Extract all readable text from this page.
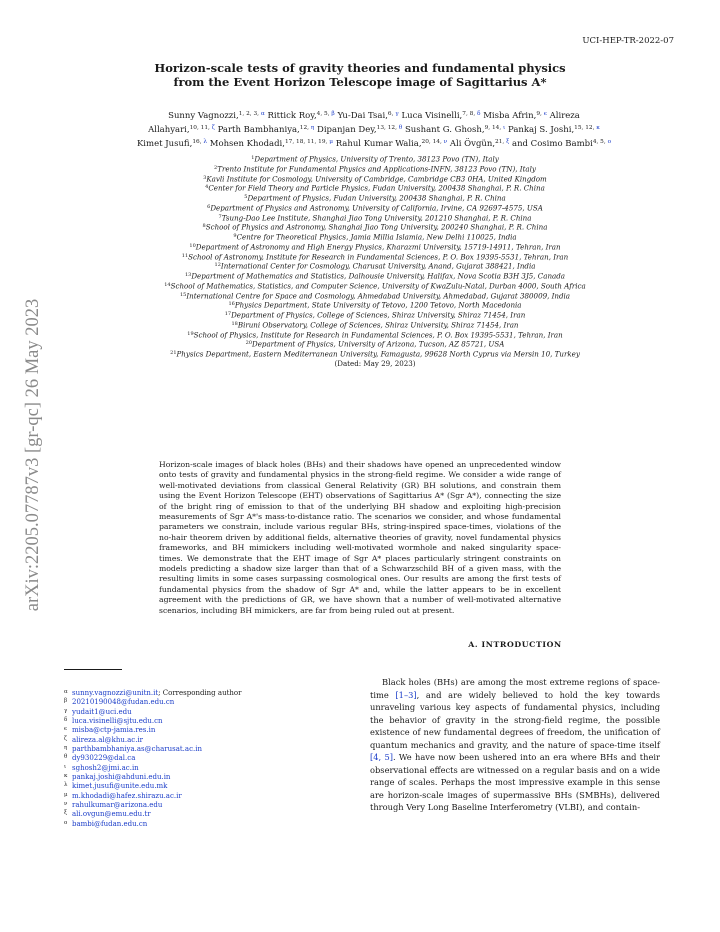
arXiv:2205.07787v3 [gr-qc] 26 May 2023
UCI-HEP-TR-2022-07
Horizon-scale tests of gravity theories and fundamental physics
from the Event Horizon Telescope image of Sagittarius A*
Sunny Vagnozzi,$^{1, 2, 3, \alpha}$ Rittick Roy,$^{4, 5, \beta}$ Yu-Dai Tsai,$^{6, \gamma}$ Luca Visinelli,$^{7, 8, \delta}$ Misba Afrin,$^{9, \epsilon}$ Alireza
Allahyari,$^{10, 11, \zeta}$ Parth Bambhaniya,$^{12, \eta}$ Dipanjan Dey,$^{13, 12, \theta}$ Sushant G. Ghosh,$^{9, 14, \iota}$ Pankaj S. Joshi,$^{15, 12, \kappa}$
Kimet Jusufi,$^{16, \lambda}$ Mohsen Khodadi,$^{17, 18, 11, 19, \mu}$ Rahul Kumar Walia,$^{20, 14, \nu}$ Ali Övgün,$^{21, \xi}$ and Cosimo Bambi$^{4, 5, o}$
$^1$Department of Physics, University of Trento, 38123 Povo (TN), Italy
$^2$Trento Institute for Fundamental Physics and Applications-INFN, 38123 Povo (TN), Italy
$^3$Kavli Institute for Cosmology, University of Cambridge, Cambridge CB3 0HA, United Kingdom
$^4$Center for Field Theory and Particle Physics, Fudan University, 200438 Shanghai, P. R. China
$^5$Department of Physics, Fudan University, 200438 Shanghai, P. R. China
$^6$Department of Physics and Astronomy, University of California, Irvine, CA 92697-4575, USA
$^7$Tsung-Dao Lee Institute, Shanghai Jiao Tong University, 201210 Shanghai, P. R. China
$^8$School of Physics and Astronomy, Shanghai Jiao Tong University, 200240 Shanghai, P. R. China
$^9$Centre for Theoretical Physics, Jamia Millia Islamia, New Delhi 110025, India
$^{10}$Department of Astronomy and High Energy Physics, Kharazmi University, 15719-14911, Tehran, Iran
$^{11}$School of Astronomy, Institute for Research in Fundamental Sciences, P. O. Box 19395-5531, Tehran, Iran
$^{12}$International Center for Cosmology, Charusat University, Anand, Gujarat 388421, India
$^{13}$Department of Mathematics and Statistics, Dalhousie University, Halifax, Nova Scotia B3H 3J5, Canada
$^{14}$School of Mathematics, Statistics, and Computer Science, University of KwaZulu-Natal, Durban 4000, South Africa
$^{15}$International Centre for Space and Cosmology, Ahmedabad University, Ahmedabad, Gujarat 380009, India
$^{16}$Physics Department, State University of Tetovo, 1200 Tetovo, North Macedonia
$^{17}$Department of Physics, College of Sciences, Shiraz University, Shiraz 71454, Iran
$^{18}$Biruni Observatory, College of Sciences, Shiraz University, Shiraz 71454, Iran
$^{19}$School of Physics, Institute for Research in Fundamental Sciences, P. O. Box 19395-5531, Tehran, Iran
$^{20}$Department of Physics, University of Arizona, Tucson, AZ 85721, USA
$^{21}$Physics Department, Eastern Mediterranean University, Famagusta, 99628 North Cyprus via Mersin 10, Turkey
(Dated: May 29, 2023)
Horizon-scale images of black holes (BHs) and their shadows have opened an unprecedented window onto tests of gravity and fundamental physics in the strong-field regime. We consider a wide range of well-motivated deviations from classical General Relativity (GR) BH solutions, and constrain them using the Event Horizon Telescope (EHT) observations of Sagittarius A* (Sgr A*), connecting the size of the bright ring of emission to that of the underlying BH shadow and exploiting high-precision measurements of Sgr A*'s mass-to-distance ratio. The scenarios we consider, and whose fundamental parameters we constrain, include various regular BHs, string-inspired space-times, violations of the no-hair theorem driven by additional fields, alternative theories of gravity, novel fundamental physics frameworks, and BH mimickers including well-motivated wormhole and naked singularity space-times. We demonstrate that the EHT image of Sgr A* places particularly stringent constraints on models predicting a shadow size larger than that of a Schwarzschild BH of a given mass, with the resulting limits in some cases surpassing cosmological ones. Our results are among the first tests of fundamental physics from the shadow of Sgr A* and, while the latter appears to be in excellent agreement with the predictions of GR, we have shown that a number of well-motivated alternative scenarios, including BH mimickers, are far from being ruled out at present.
α sunny.vagnozzi@unitn.it; Corresponding author
β 20210190048@fudan.edu.cn
γ yudait1@uci.edu
δ luca.visinelli@sjtu.edu.cn
ϵ misba@ctp-jamia.res.in
ζ alireza.al@khu.ac.ir
η parthbambhaniya.as@charusat.ac.in
θ dy930229@dal.ca
ι sghosh2@jmi.ac.in
κ pankaj.joshi@ahduni.edu.in
λ kimet.jusufi@unite.edu.mk
μ m.khodadi@hafez.shirazu.ac.ir
ν rahulkumar@arizona.edu
ξ ali.ovgun@emu.edu.tr
o bambi@fudan.edu.cn
A. INTRODUCTION
Black holes (BHs) are among the most extreme regions of space-time [1–3], and are widely believed to hold the key towards unraveling various key aspects of fundamental physics, including the behavior of gravity in the strong-field regime, the possible existence of new fundamental degrees of freedom, the unification of quantum mechanics and gravity, and the nature of space-time itself [4, 5]. We have now been ushered into an era where BHs and their observational effects are witnessed on a regular basis and on a wide range of scales. Perhaps the most impressive example in this sense are horizon-scale images of supermassive BHs (SMBHs), delivered through Very Long Baseline Interferometry (VLBI), and contain-
